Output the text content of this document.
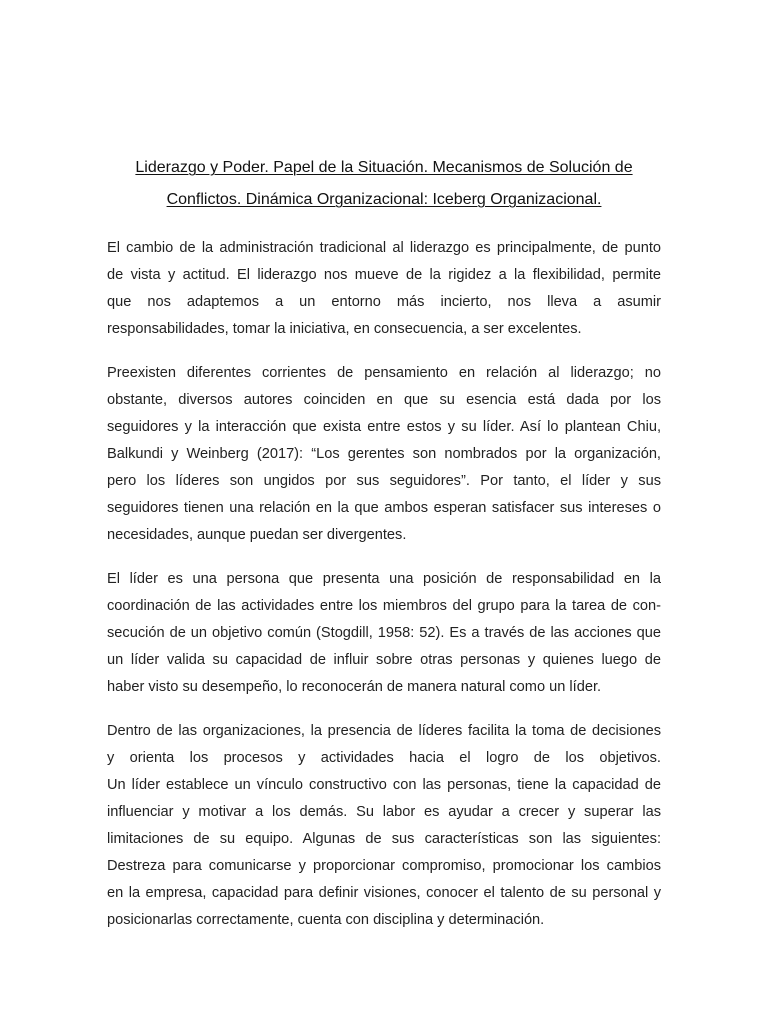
Liderazgo y Poder. Papel de la Situación. Mecanismos de Solución de
Conflictos. Dinámica Organizacional: Iceberg Organizacional.

El cambio de la administración tradicional al liderazgo es principalmente, de punto
de vista y actitud. El liderazgo nos mueve de la rigidez a la flexibilidad, permite
que nos adaptemos a un entorno más incierto, nos lleva a asumir
responsabilidades, tomar la iniciativa, en consecuencia, a ser excelentes.

Preexisten diferentes corrientes de pensamiento en relación al liderazgo; no
obstante, diversos autores coinciden en que su esencia está dada por los
seguidores y la interacción que exista entre estos y su líder. Así lo plantean Chiu,
Balkundi y Weinberg (2017): “Los gerentes son nombrados por la organización,
pero los líderes son ungidos por sus seguidores”. Por tanto, el líder y sus
seguidores tienen una relación en la que ambos esperan satisfacer sus intereses o
necesidades, aunque puedan ser divergentes.

El líder es una persona que presenta una posición de responsabilidad en la
coordinación de las actividades entre los miembros del grupo para la tarea de con-
secución de un objetivo común (Stogdill, 1958: 52). Es a través de las acciones que
un líder valida su capacidad de influir sobre otras personas y quienes luego de
haber visto su desempeño, lo reconocerán de manera natural como un líder.

Dentro de las organizaciones, la presencia de líderes facilita la toma de decisiones
y orienta los procesos y actividades hacia el logro de los objetivos.
Un líder establece un vínculo constructivo con las personas, tiene la capacidad de
influenciar y motivar a los demás. Su labor es ayudar a crecer y superar las
limitaciones de su equipo. Algunas de sus características son las siguientes:
Destreza para comunicarse y proporcionar compromiso, promocionar los cambios
en la empresa, capacidad para definir visiones, conocer el talento de su personal y
posicionarlas correctamente, cuenta con disciplina y determinación.
